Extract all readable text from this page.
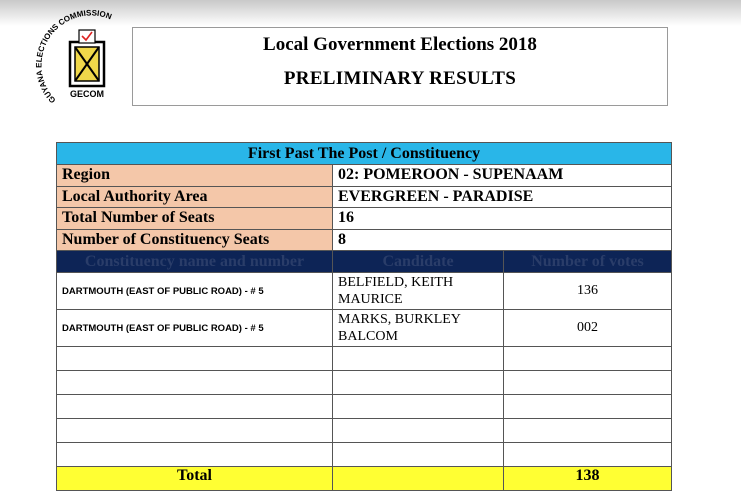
GUYANA ELECTIONS COMMISSION
GECOM
Local Government Elections 2018
PRELIMINARY RESULTS
First Past The Post / Constituency		
Region	02: POMEROON - SUPENAAM	
Local Authority Area	EVERGREEN - PARADISE	
Total Number of Seats	16	
Number of Constituency Seats	8	
Constituency name and number	Candidate	Number of votes
DARTMOUTH (EAST OF PUBLIC ROAD) - # 5	BELFIELD, KEITH MAURICE	136
DARTMOUTH (EAST OF PUBLIC ROAD) - # 5	MARKS, BURKLEY BALCOM	002

Total		138
